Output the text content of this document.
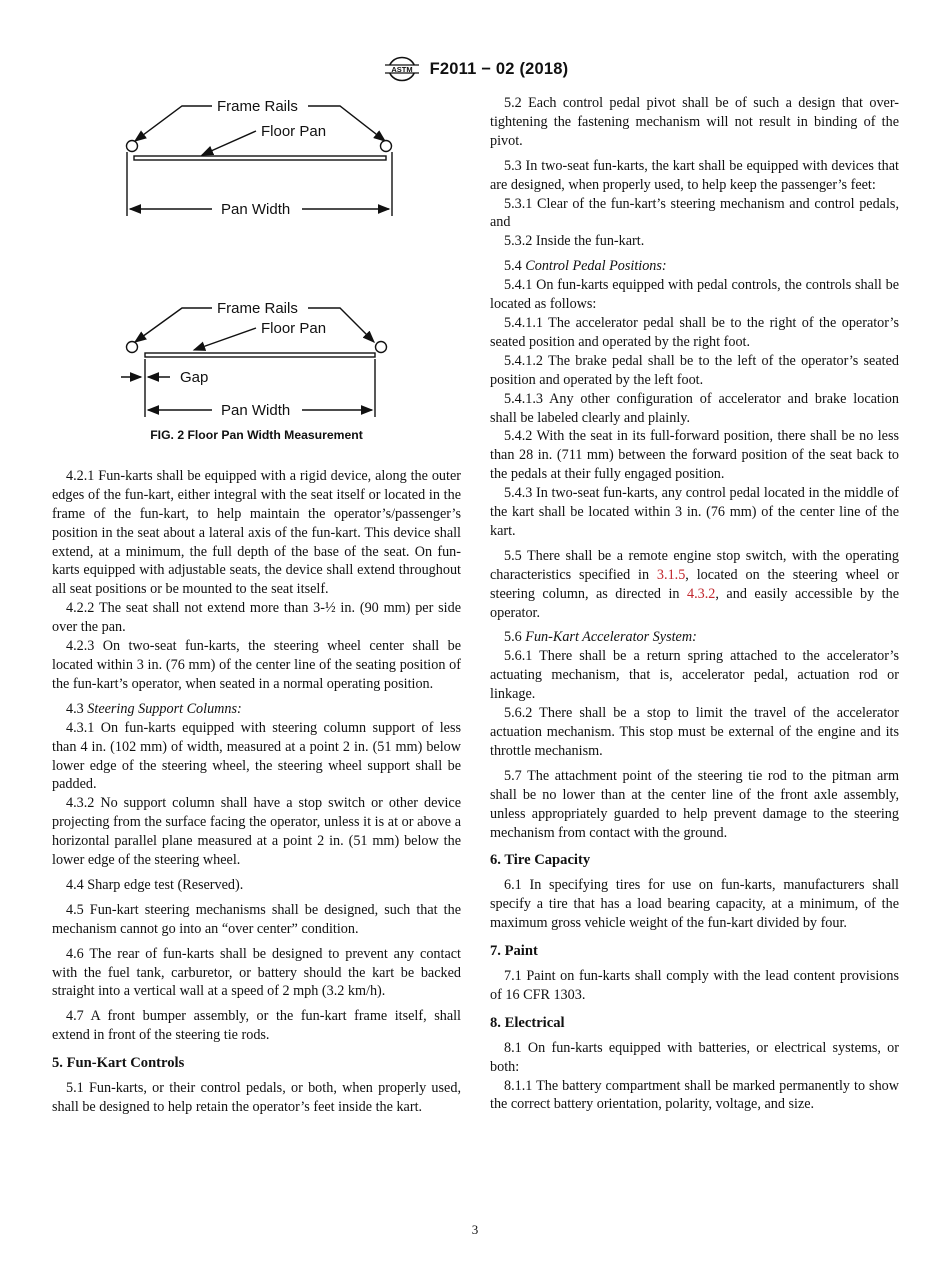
ASTM F2011 − 02 (2018)
Frame Rails
Floor Pan
Pan Width
Frame Rails
Floor Pan
Gap
Pan Width
FIG. 2 Floor Pan Width Measurement

4.2.1 Fun-karts shall be equipped with a rigid device, along the outer edges of the fun-kart, either integral with the seat itself or located in the frame of the fun-kart, to help maintain the operator’s/passenger’s position in the seat about a lateral axis of the fun-kart. This device shall extend, at a minimum, the full depth of the base of the seat. On fun-karts equipped with adjustable seats, the device shall extend throughout all seat positions or be mounted to the seat itself.

4.2.2 The seat shall not extend more than 3-½ in. (90 mm) per side over the pan.

4.2.3 On two-seat fun-karts, the steering wheel center shall be located within 3 in. (76 mm) of the center line of the seating position of the fun-kart’s operator, when seated in a normal operating position.

4.3 Steering Support Columns:

4.3.1 On fun-karts equipped with steering column support of less than 4 in. (102 mm) of width, measured at a point 2 in. (51 mm) below lower edge of the steering wheel, the steering wheel support shall be padded.

4.3.2 No support column shall have a stop switch or other device projecting from the surface facing the operator, unless it is at or above a horizontal parallel plane measured at a point 2 in. (51 mm) below the lower edge of the steering wheel.

4.4 Sharp edge test (Reserved).

4.5 Fun-kart steering mechanisms shall be designed, such that the mechanism cannot go into an “over center” condition.

4.6 The rear of fun-karts shall be designed to prevent any contact with the fuel tank, carburetor, or battery should the kart be backed straight into a vertical wall at a speed of 2 mph (3.2 km/h).

4.7 A front bumper assembly, or the fun-kart frame itself, shall extend in front of the steering tie rods.

5. Fun-Kart Controls

5.1 Fun-karts, or their control pedals, or both, when properly used, shall be designed to help retain the operator’s feet inside the kart.

5.2 Each control pedal pivot shall be of such a design that over-tightening the fastening mechanism will not result in binding of the pivot.

5.3 In two-seat fun-karts, the kart shall be equipped with devices that are designed, when properly used, to help keep the passenger’s feet:

5.3.1 Clear of the fun-kart’s steering mechanism and control pedals, and

5.3.2 Inside the fun-kart.

5.4 Control Pedal Positions:

5.4.1 On fun-karts equipped with pedal controls, the controls shall be located as follows:

5.4.1.1 The accelerator pedal shall be to the right of the operator’s seated position and operated by the right foot.

5.4.1.2 The brake pedal shall be to the left of the operator’s seated position and operated by the left foot.

5.4.1.3 Any other configuration of accelerator and brake location shall be labeled clearly and plainly.

5.4.2 With the seat in its full-forward position, there shall be no less than 28 in. (711 mm) between the forward position of the seat back to the pedals at their fully engaged position.

5.4.3 In two-seat fun-karts, any control pedal located in the middle of the kart shall be located within 3 in. (76 mm) of the center line of the kart.

5.5 There shall be a remote engine stop switch, with the operating characteristics specified in 3.1.5, located on the steering wheel or steering column, as directed in 4.3.2, and easily accessible by the operator.

5.6 Fun-Kart Accelerator System:

5.6.1 There shall be a return spring attached to the accelerator’s actuating mechanism, that is, accelerator pedal, actuation rod or linkage.

5.6.2 There shall be a stop to limit the travel of the accelerator actuation mechanism. This stop must be external of the engine and its throttle mechanism.

5.7 The attachment point of the steering tie rod to the pitman arm shall be no lower than at the center line of the front axle assembly, unless appropriately guarded to help prevent damage to the steering mechanism from contact with the ground.

6. Tire Capacity

6.1 In specifying tires for use on fun-karts, manufacturers shall specify a tire that has a load bearing capacity, at a minimum, of the maximum gross vehicle weight of the fun-kart divided by four.

7. Paint

7.1 Paint on fun-karts shall comply with the lead content provisions of 16 CFR 1303.

8. Electrical

8.1 On fun-karts equipped with batteries, or electrical systems, or both:

8.1.1 The battery compartment shall be marked permanently to show the correct battery orientation, polarity, voltage, and size.

3
